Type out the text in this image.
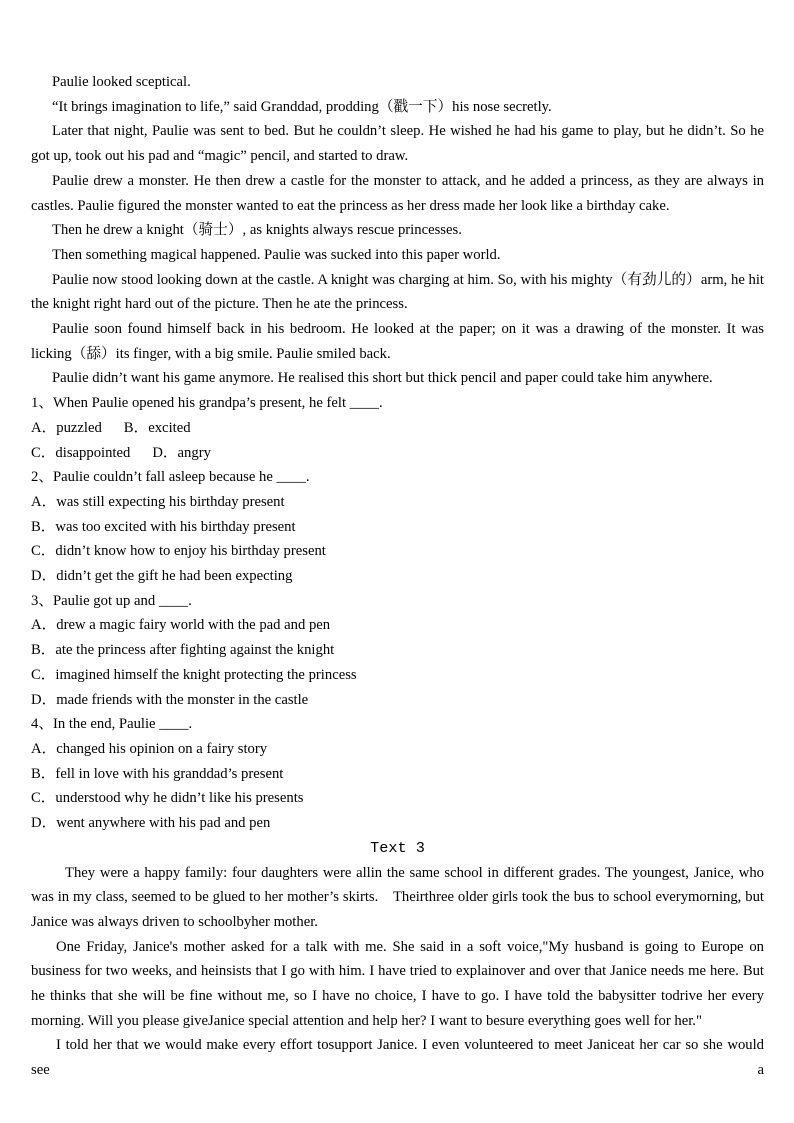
Paulie looked sceptical.

“It brings imagination to life,” said Granddad, prodding（戳一下）his nose secretly.

Later that night, Paulie was sent to bed. But he couldn’t sleep. He wished he had his game to play, but he didn’t. So he got up, took out his pad and “magic” pencil, and started to draw.

Paulie drew a monster. He then drew a castle for the monster to attack, and he added a princess, as they are always in castles. Paulie figured the monster wanted to eat the princess as her dress made her look like a birthday cake.

Then he drew a knight（骑士）, as knights always rescue princesses.

Then something magical happened. Paulie was sucked into this paper world.

Paulie now stood looking down at the castle. A knight was charging at him. So, with his mighty（有劲儿的）arm, he hit the knight right hard out of the picture. Then he ate the princess.

Paulie soon found himself back in his bedroom. He looked at the paper; on it was a drawing of the monster. It was licking（舔）its finger, with a big smile. Paulie smiled back.

Paulie didn’t want his game anymore. He realised this short but thick pencil and paper could take him anywhere.

1、When Paulie opened his grandpa’s present, he felt ____.

A．puzzled  B．excited

C．disappointed  D．angry

2、Paulie couldn’t fall asleep because he ____.

A．was still expecting his birthday present

B．was too excited with his birthday present

C．didn’t know how to enjoy his birthday present

D．didn’t get the gift he had been expecting

3、Paulie got up and ____.

A．drew a magic fairy world with the pad and pen

B．ate the princess after fighting against the knight

C．imagined himself the knight protecting the princess

D．made friends with the monster in the castle

4、In the end, Paulie ____.

A．changed his opinion on a fairy story

B．fell in love with his granddad’s present

C．understood why he didn’t like his presents

D．went anywhere with his pad and pen

Text 3

They were a happy family: four daughters were allin the same school in different grades. The youngest, Janice, who was in my class, seemed to be glued to her mother’s skirts. Theirthree older girls took the bus to school everymorning, but Janice was always driven to schoolbyher mother.

One Friday, Janice's mother asked for a talk with me. She said in a soft voice,"My husband is going to Europe on business for two weeks, and heinsists that I go with him. I have tried to explainover and over that Janice needs me here. But he thinks that she will be fine without me, so I have no choice, I have to go. I have told the babysitter todrive her every morning. Will you please giveJanice special attention and help her? I want to besure everything goes well for her."

I told her that we would make every effort tosupport Janice. I even volunteered to meet Janiceat her car so she would see a
